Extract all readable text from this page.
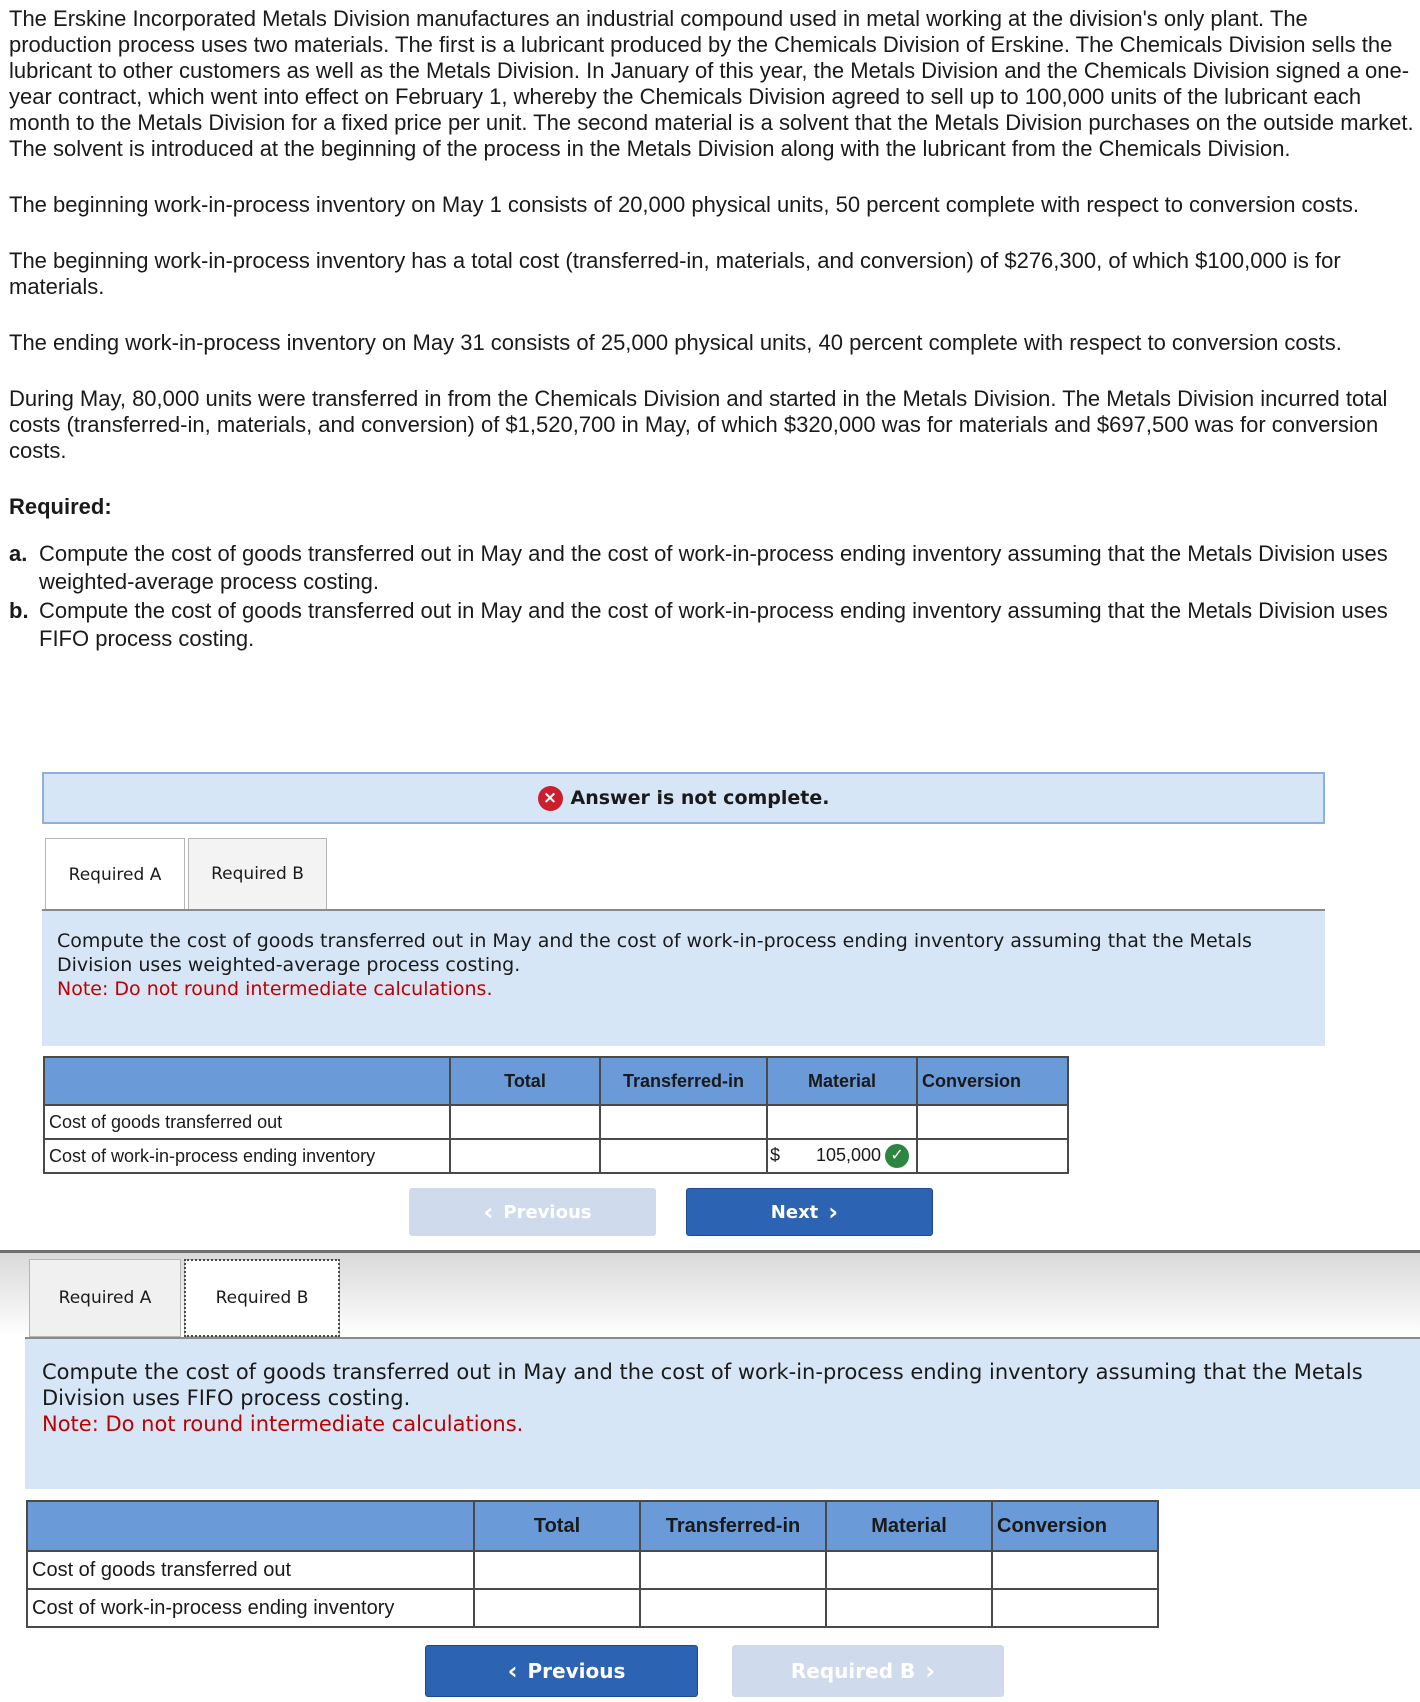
The Erskine Incorporated Metals Division manufactures an industrial compound used in metal working at the division's only plant. The production process uses two materials. The first is a lubricant produced by the Chemicals Division of Erskine. The Chemicals Division sells the lubricant to other customers as well as the Metals Division. In January of this year, the Metals Division and the Chemicals Division signed a one-year contract, which went into effect on February 1, whereby the Chemicals Division agreed to sell up to 100,000 units of the lubricant each month to the Metals Division for a fixed price per unit. The second material is a solvent that the Metals Division purchases on the outside market. The solvent is introduced at the beginning of the process in the Metals Division along with the lubricant from the Chemicals Division.

The beginning work-in-process inventory on May 1 consists of 20,000 physical units, 50 percent complete with respect to conversion costs.

The beginning work-in-process inventory has a total cost (transferred-in, materials, and conversion) of $276,300, of which $100,000 is for materials.

The ending work-in-process inventory on May 31 consists of 25,000 physical units, 40 percent complete with respect to conversion costs.

During May, 80,000 units were transferred in from the Chemicals Division and started in the Metals Division. The Metals Division incurred total costs (transferred-in, materials, and conversion) of $1,520,700 in May, of which $320,000 was for materials and $697,500 was for conversion costs.

Required:
a. Compute the cost of goods transferred out in May and the cost of work-in-process ending inventory assuming that the Metals Division uses weighted-average process costing.
b. Compute the cost of goods transferred out in May and the cost of work-in-process ending inventory assuming that the Metals Division uses FIFO process costing.
× Answer is not complete.
Required A	Required B
Compute the cost of goods transferred out in May and the cost of work-in-process ending inventory assuming that the Metals
Division uses weighted-average process costing.
Note: Do not round intermediate calculations.
	Total	Transferred-in	Material	Conversion
Cost of goods transferred out				
Cost of work-in-process ending inventory			$ 105,000 ✓	
‹ Previous	Next ›
Required A	Required B
Compute the cost of goods transferred out in May and the cost of work-in-process ending inventory assuming that the Metals
Division uses FIFO process costing.
Note: Do not round intermediate calculations.
	Total	Transferred-in	Material	Conversion
Cost of goods transferred out				
Cost of work-in-process ending inventory				
‹ Previous	Required B ›
